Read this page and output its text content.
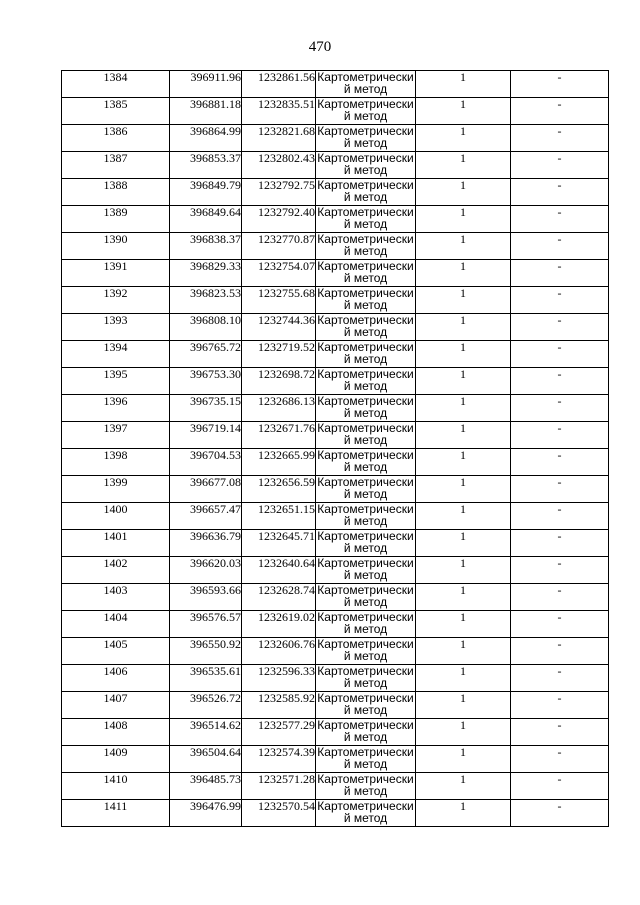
470
1384	396911.96	1232861.56	Картометрически
й метод	1	-
1385	396881.18	1232835.51	Картометрически
й метод	1	-
1386	396864.99	1232821.68	Картометрически
й метод	1	-
1387	396853.37	1232802.43	Картометрически
й метод	1	-
1388	396849.79	1232792.75	Картометрически
й метод	1	-
1389	396849.64	1232792.40	Картометрически
й метод	1	-
1390	396838.37	1232770.87	Картометрически
й метод	1	-
1391	396829.33	1232754.07	Картометрически
й метод	1	-
1392	396823.53	1232755.68	Картометрически
й метод	1	-
1393	396808.10	1232744.36	Картометрически
й метод	1	-
1394	396765.72	1232719.52	Картометрически
й метод	1	-
1395	396753.30	1232698.72	Картометрически
й метод	1	-
1396	396735.15	1232686.13	Картометрически
й метод	1	-
1397	396719.14	1232671.76	Картометрически
й метод	1	-
1398	396704.53	1232665.99	Картометрически
й метод	1	-
1399	396677.08	1232656.59	Картометрически
й метод	1	-
1400	396657.47	1232651.15	Картометрически
й метод	1	-
1401	396636.79	1232645.71	Картометрически
й метод	1	-
1402	396620.03	1232640.64	Картометрически
й метод	1	-
1403	396593.66	1232628.74	Картометрически
й метод	1	-
1404	396576.57	1232619.02	Картометрически
й метод	1	-
1405	396550.92	1232606.76	Картометрически
й метод	1	-
1406	396535.61	1232596.33	Картометрически
й метод	1	-
1407	396526.72	1232585.92	Картометрически
й метод	1	-
1408	396514.62	1232577.29	Картометрически
й метод	1	-
1409	396504.64	1232574.39	Картометрически
й метод	1	-
1410	396485.73	1232571.28	Картометрически
й метод	1	-
1411	396476.99	1232570.54	Картометрически
й метод	1	-
